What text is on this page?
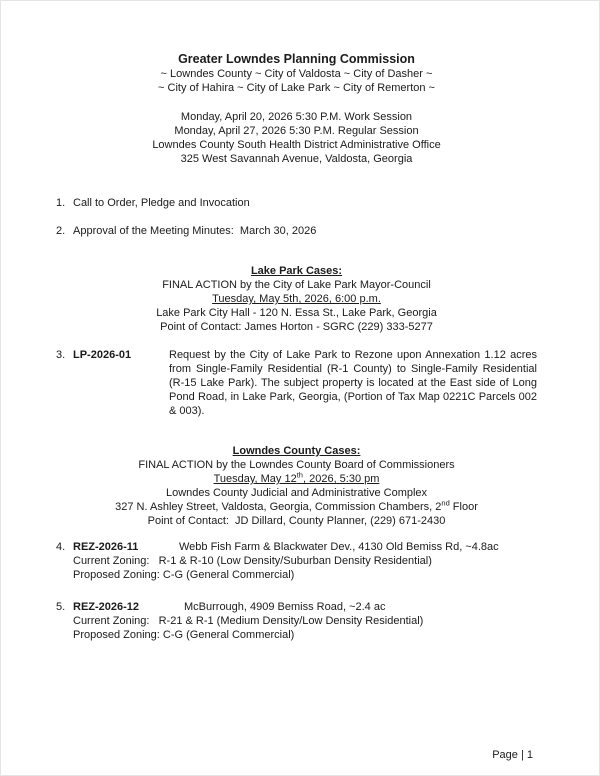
Greater Lowndes Planning Commission
~ Lowndes County ~ City of Valdosta ~ City of Dasher ~
~ City of Hahira ~ City of Lake Park ~ City of Remerton ~
Monday, April 20, 2026 5:30 P.M. Work Session
Monday, April 27, 2026 5:30 P.M. Regular Session
Lowndes County South Health District Administrative Office
325 West Savannah Avenue, Valdosta, Georgia
1. Call to Order, Pledge and Invocation
2. Approval of the Meeting Minutes:  March 30, 2026
Lake Park Cases:
FINAL ACTION by the City of Lake Park Mayor-Council
Tuesday, May 5th, 2026, 6:00 p.m.
Lake Park City Hall - 120 N. Essa St., Lake Park, Georgia
Point of Contact: James Horton - SGRC (229) 333-5277
3. LP-2026-01	Request by the City of Lake Park to Rezone upon Annexation 1.12 acres from Single-Family Residential (R-1 County) to Single-Family Residential (R-15 Lake Park). The subject property is located at the East side of Long Pond Road, in Lake Park, Georgia, (Portion of Tax Map 0221C Parcels 002 & 003).
Lowndes County Cases:
FINAL ACTION by the Lowndes County Board of Commissioners
Tuesday, May 12th, 2026, 5:30 pm
Lowndes County Judicial and Administrative Complex
327 N. Ashley Street, Valdosta, Georgia, Commission Chambers, 2nd Floor
Point of Contact:  JD Dillard, County Planner, (229) 671-2430
4. REZ-2026-11	Webb Fish Farm & Blackwater Dev., 4130 Old Bemiss Rd, ~4.8ac
Current Zoning:   R-1 & R-10 (Low Density/Suburban Density Residential)
Proposed Zoning: C-G (General Commercial)
5. REZ-2026-12	McBurrough, 4909 Bemiss Road, ~2.4 ac
Current Zoning:   R-21 & R-1 (Medium Density/Low Density Residential)
Proposed Zoning: C-G (General Commercial)
Page | 1
